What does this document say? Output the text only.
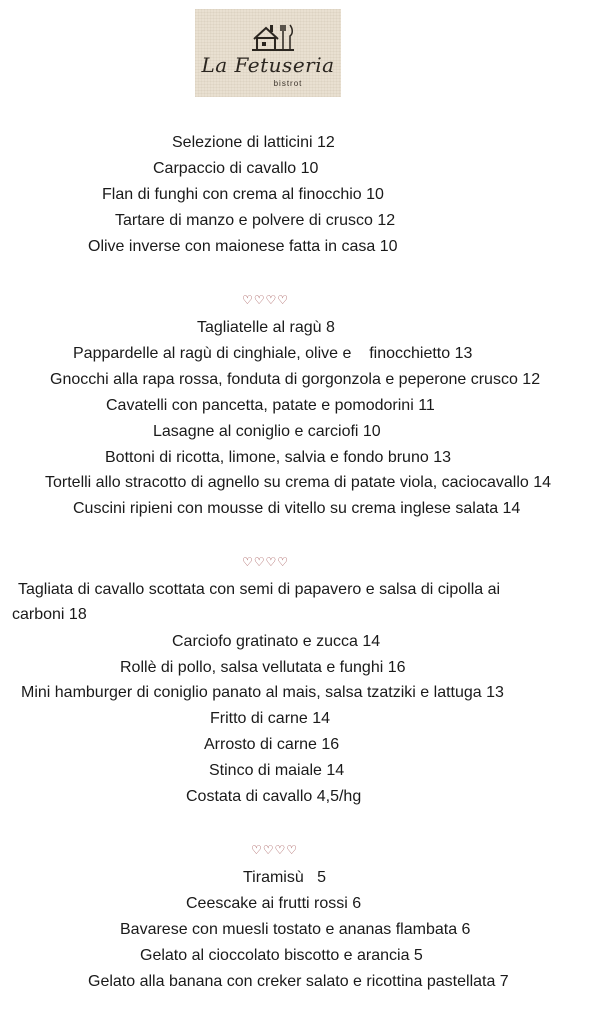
La Fetuseria
bistrot
Selezione di latticini 12
Carpaccio di cavallo 10
Flan di funghi con crema al finocchio 10
Tartare di manzo e polvere di crusco 12
Olive inverse con maionese fatta in casa 10
♡♡♡♡
Tagliatelle al ragù 8
Pappardelle al ragù di cinghiale, olive e    finocchietto 13
Gnocchi alla rapa rossa, fonduta di gorgonzola e peperone crusco 12
Cavatelli con pancetta, patate e pomodorini 11
Lasagne al coniglio e carciofi 10
Bottoni di ricotta, limone, salvia e fondo bruno 13
Tortelli allo stracotto di agnello su crema di patate viola, caciocavallo 14
Cuscini ripieni con mousse di vitello su crema inglese salata 14
♡♡♡♡
Tagliata di cavallo scottata con semi di papavero e salsa di cipolla ai
carboni 18
Carciofo gratinato e zucca 14
Rollè di pollo, salsa vellutata e funghi 16
Mini hamburger di coniglio panato al mais, salsa tzatziki e lattuga 13
Fritto di carne 14
Arrosto di carne 16
Stinco di maiale 14
Costata di cavallo 4,5/hg
♡♡♡♡
Tiramisù   5
Ceescake ai frutti rossi 6
Bavarese con muesli tostato e ananas flambata 6
Gelato al cioccolato biscotto e arancia 5
Gelato alla banana con creker salato e ricottina pastellata 7
